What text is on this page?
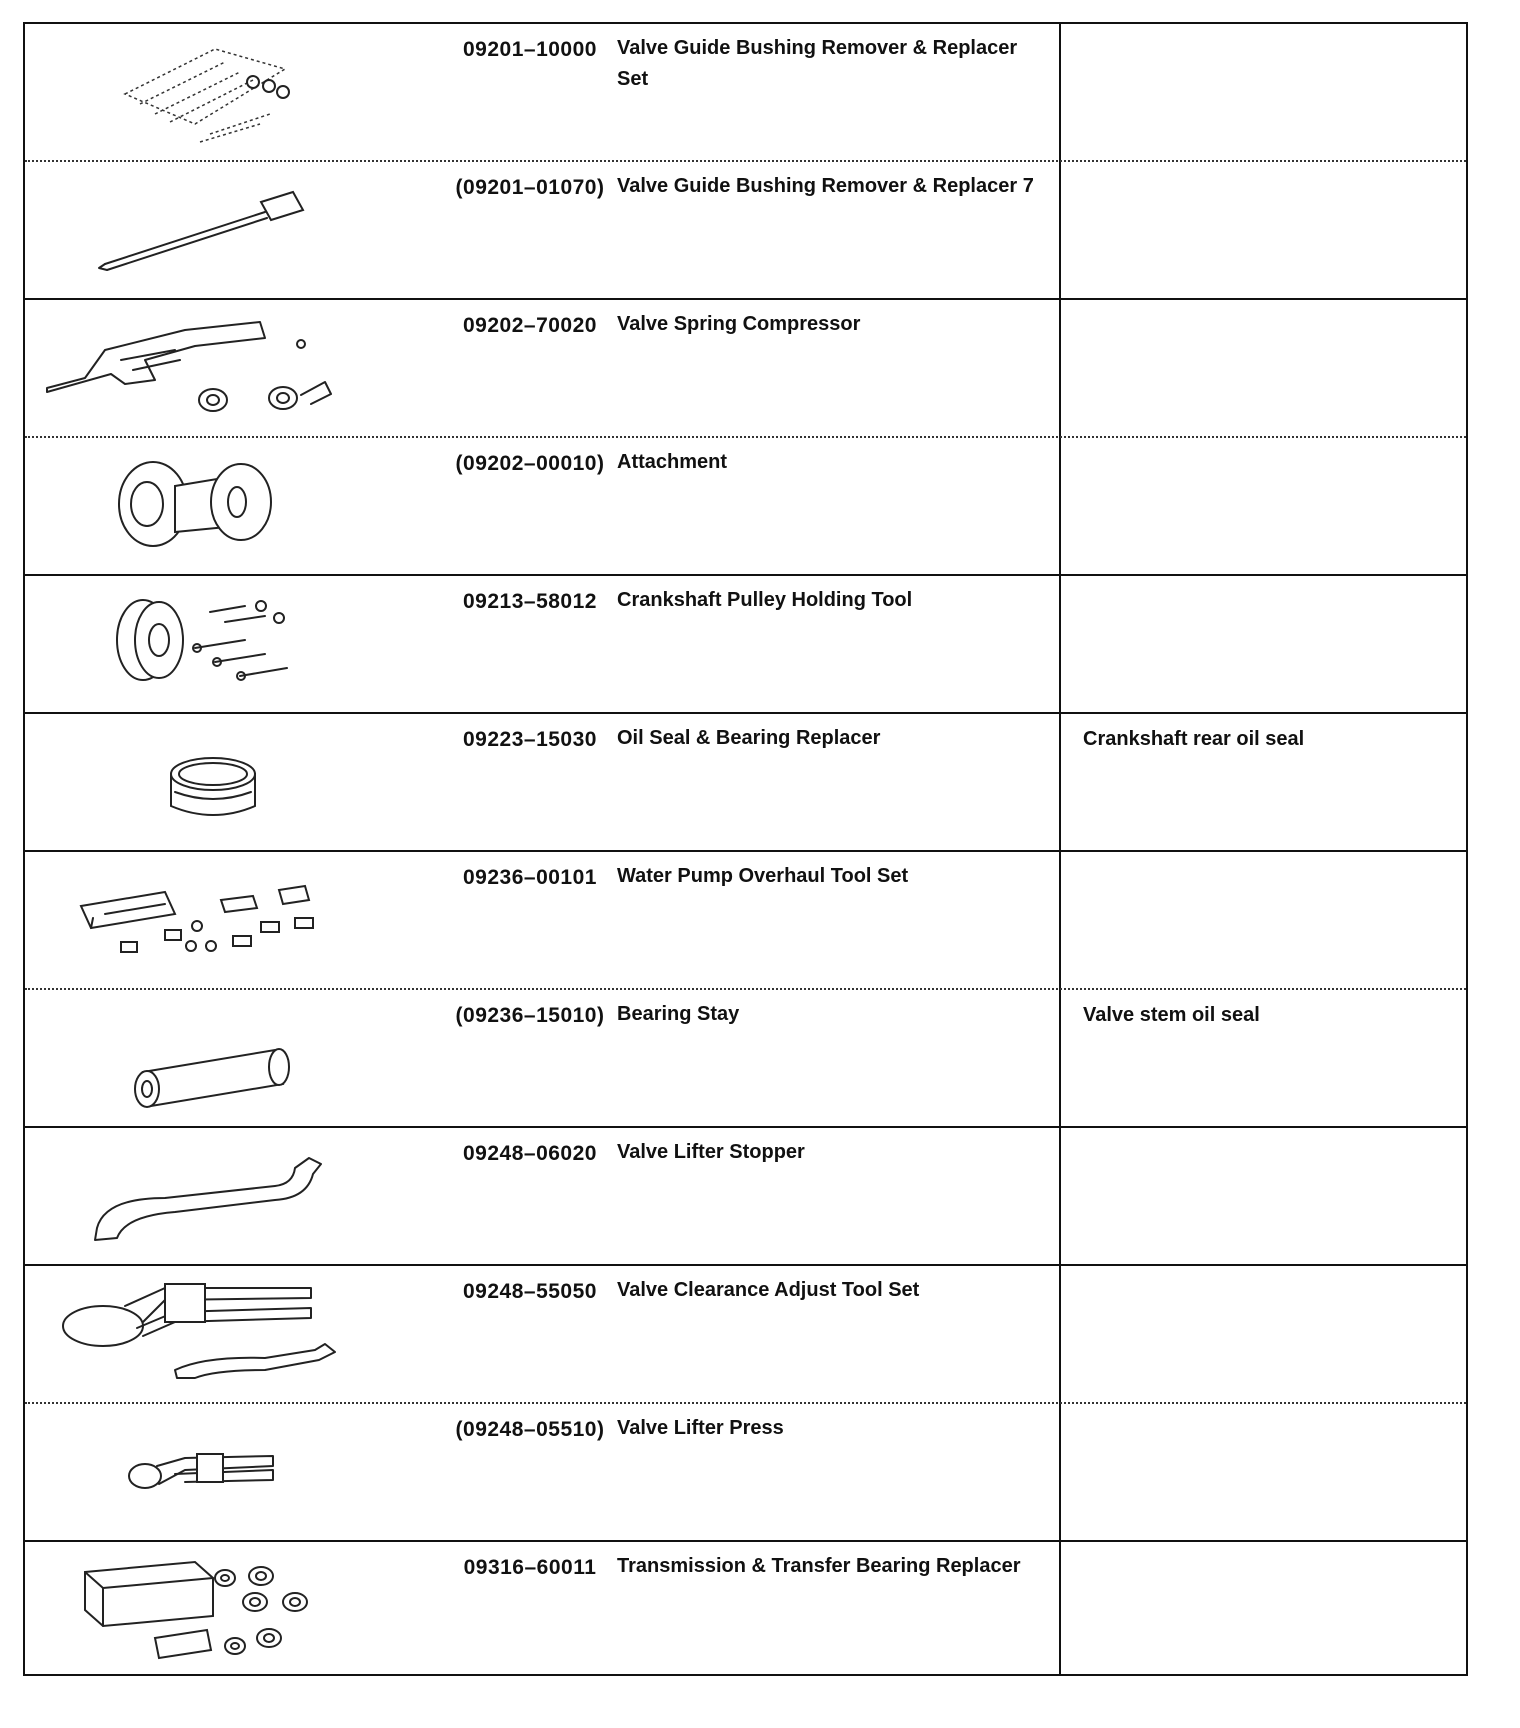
09201–10000	Valve Guide Bushing Remover & Replacer Set
(09201–01070) Valve Guide Bushing Remover & Replacer 7
09202–70020	Valve Spring Compressor
(09202–00010) Attachment
09213–58012	Crankshaft Pulley Holding Tool
09223–15030	Oil Seal & Bearing Replacer	Crankshaft rear oil seal
09236–00101	Water Pump Overhaul Tool Set
(09236–15010) Bearing Stay	Valve stem oil seal
09248–06020	Valve Lifter Stopper
09248–55050	Valve Clearance Adjust Tool Set
(09248–05510) Valve Lifter Press
09316–60011	Transmission & Transfer Bearing Replacer
